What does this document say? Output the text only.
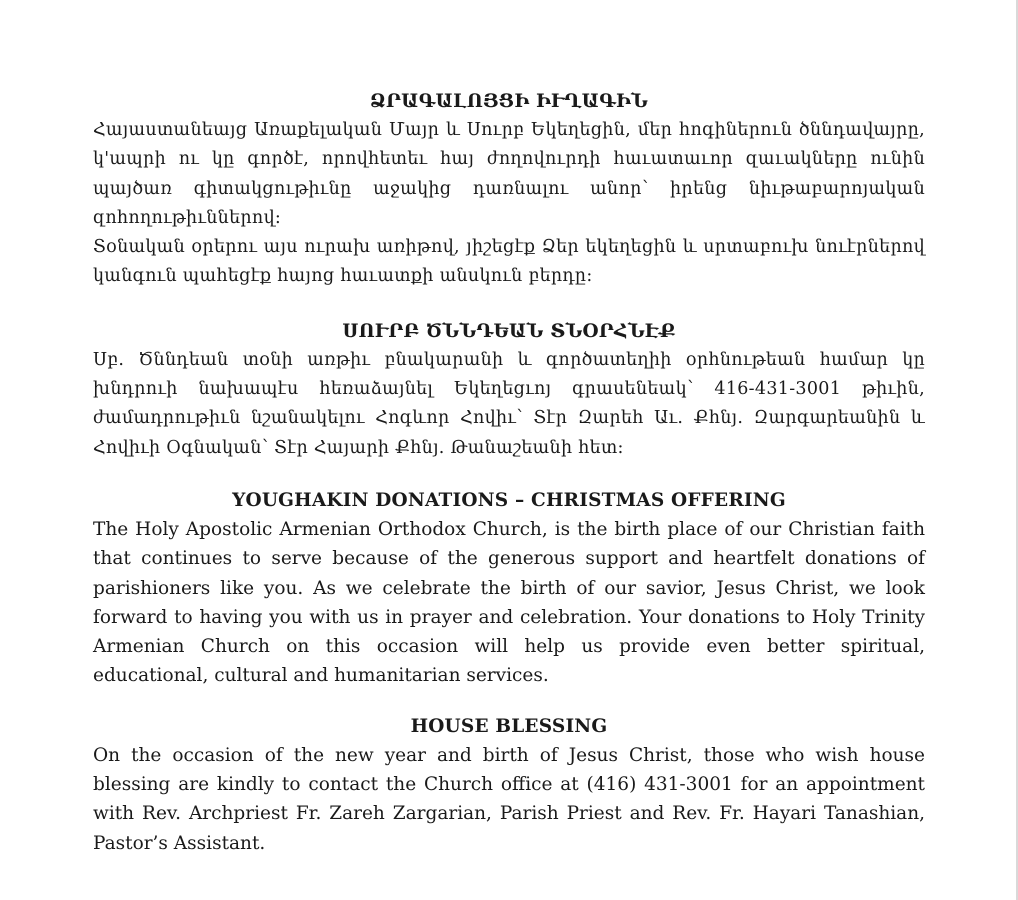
ՁՐԱԳԱԼՈՅՑԻ ԻՒՂԱԳԻՆ

Հայաստանեայց Առաքելական Մայր և Սուրբ Եկեղեցին, մեր հոգիներուն ծննդավայրը, կ'ապրի ու կը գործէ, որովհետեւ հայ ժողովուրդի հաւատաւոր զաւակները ունին պայծառ գիտակցութիւնը աջակից դառնալու անոր՝ իրենց նիւթաբարոյական զոհողութիւններով:

Տօնական օրերու այս ուրախ առիթով, յիշեցէք Ձեր եկեղեցին և սրտաբուխ նուէրներով կանգուն պահեցէք հայոց հաւատքի անսկուն բերդը:

ՍՈՒՐԲ ԾՆՆԴԵԱՆ ՏՆՕՐՀՆԷՔ

Սբ. Ծննդեան տօնի առթիւ բնակարանի և գործատեղիի օրհնութեան համար կը խնդրուի նախապէս հեռաձայնել Եկեղեցւոյ գրասենեակ՝ 416-431-3001 թիւին, ժամադրութիւն նշանակելու Հոգևոր Հովիւ՝ Տէր Զարեհ Աւ. Քհնյ. Զարգարեանին և Հովիւի Օգնական՝ Տէր Հայարի Քհնյ. Թանաշեանի հետ:

YOUGHAKIN DONATIONS – CHRISTMAS OFFERING

The Holy Apostolic Armenian Orthodox Church, is the birth place of our Christian faith that continues to serve because of the generous support and heartfelt donations of parishioners like you. As we celebrate the birth of our savior, Jesus Christ, we look forward to having you with us in prayer and celebration. Your donations to Holy Trinity Armenian Church on this occasion will help us provide even better spiritual, educational, cultural and humanitarian services.

HOUSE BLESSING

On the occasion of the new year and birth of Jesus Christ, those who wish house blessing are kindly to contact the Church office at (416) 431-3001 for an appointment with Rev. Archpriest Fr. Zareh Zargarian, Parish Priest and Rev. Fr. Hayari Tanashian, Pastor’s Assistant.
